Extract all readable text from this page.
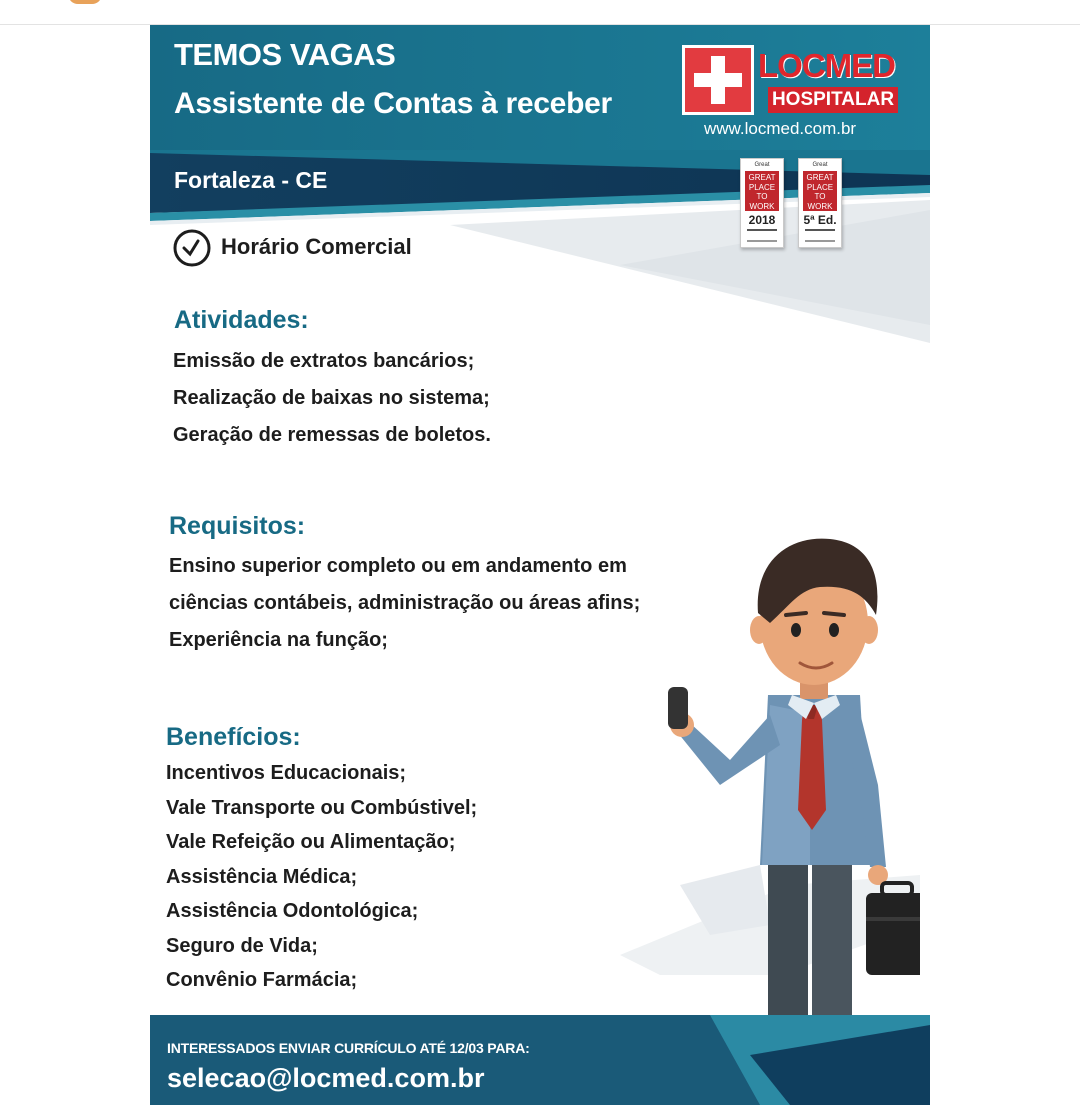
TEMOS VAGAS
Assistente de Contas à receber
Fortaleza - CE
LOCMED
HOSPITALAR
www.locmed.com.br
Great
GREAT PLACE TO WORK
2018
Great
GREAT PLACE TO WORK
5ª Ed.
Horário Comercial
Atividades:
Emissão de extratos bancários;
Realização de baixas no sistema;
Geração de remessas de boletos.
Requisitos:
Ensino superior completo ou em andamento em
ciências contábeis, administração ou áreas afins;
Experiência na função;
Benefícios:
Incentivos Educacionais;
Vale Transporte ou Combústivel;
Vale Refeição ou Alimentação;
Assistência Médica;
Assistência Odontológica;
Seguro de Vida;
Convênio Farmácia;
INTERESSADOS ENVIAR CURRÍCULO ATÉ 12/03 PARA:
selecao@locmed.com.br
